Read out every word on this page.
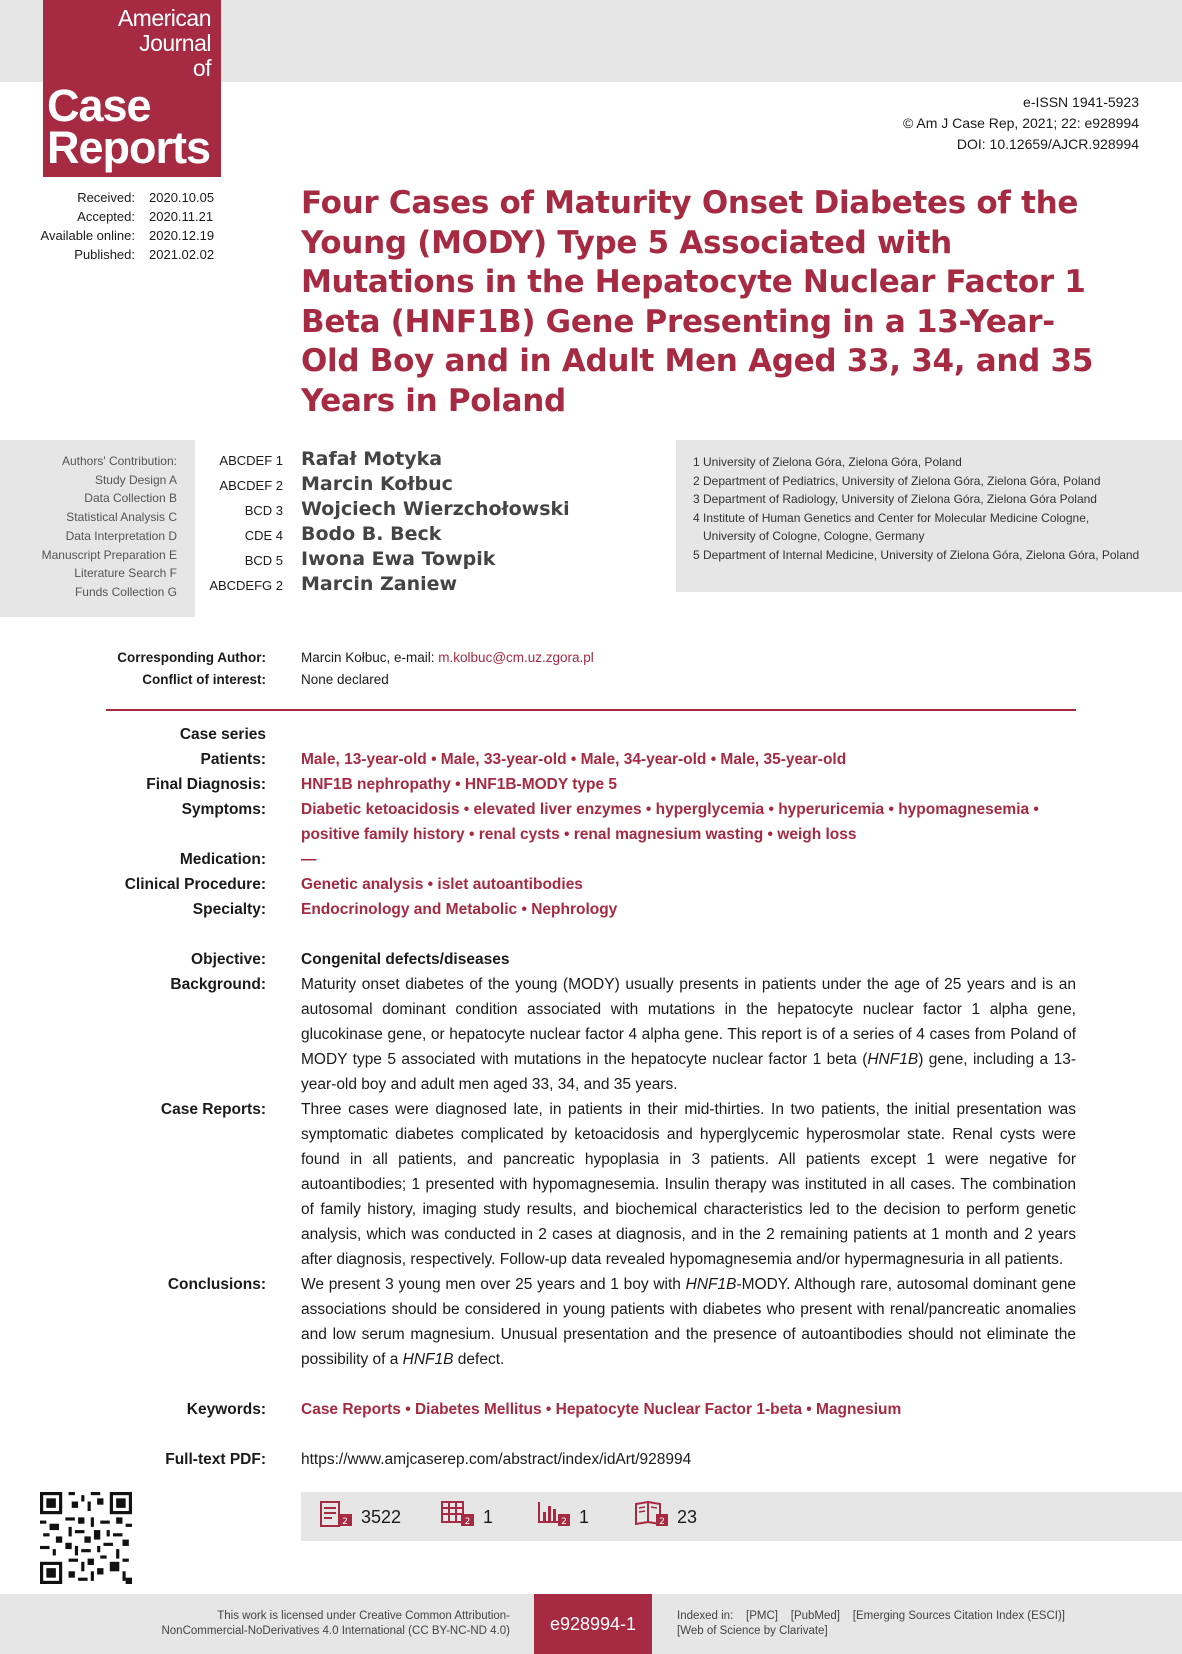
American
Journal
of
Case
Reports
e-ISSN 1941-5923
© Am J Case Rep, 2021; 22: e928994
DOI: 10.12659/AJCR.928994
Received: 2020.10.05
Accepted: 2020.11.21
Available online: 2020.12.19
Published: 2021.02.02
Four Cases of Maturity Onset Diabetes of the Young (MODY) Type 5 Associated with Mutations in the Hepatocyte Nuclear Factor 1 Beta (HNF1B) Gene Presenting in a 13-Year-Old Boy and in Adult Men Aged 33, 34, and 35 Years in Poland
Authors' Contribution:
Study Design A
Data Collection B
Statistical Analysis C
Data Interpretation D
Manuscript Preparation E
Literature Search F
Funds Collection G
ABCDEF 1 Rafał Motyka
ABCDEF 2 Marcin Kołbuc
BCD 3 Wojciech Wierzchołowski
CDE 4 Bodo B. Beck
BCD 5 Iwona Ewa Towpik
ABCDEFG 2 Marcin Zaniew
1 University of Zielona Góra, Zielona Góra, Poland
2 Department of Pediatrics, University of Zielona Góra, Zielona Góra, Poland
3 Department of Radiology, University of Zielona Góra, Zielona Góra Poland
4 Institute of Human Genetics and Center for Molecular Medicine Cologne,
University of Cologne, Cologne, Germany
5 Department of Internal Medicine, University of Zielona Góra, Zielona Góra, Poland
Corresponding Author:	Marcin Kołbuc, e-mail: m.kolbuc@cm.uz.zgora.pl
Conflict of interest:	None declared
Case series
Patients: Male, 13-year-old • Male, 33-year-old • Male, 34-year-old • Male, 35-year-old
Final Diagnosis: HNF1B nephropathy • HNF1B-MODY type 5
Symptoms: Diabetic ketoacidosis • elevated liver enzymes • hyperglycemia • hyperuricemia • hypomagnesemia • positive family history • renal cysts • renal magnesium wasting • weigh loss
Medication: —
Clinical Procedure: Genetic analysis • islet autoantibodies
Specialty: Endocrinology and Metabolic • Nephrology
Objective: Congenital defects/diseases
Background: Maturity onset diabetes of the young (MODY) usually presents in patients under the age of 25 years and is an autosomal dominant condition associated with mutations in the hepatocyte nuclear factor 1 alpha gene, glucokinase gene, or hepatocyte nuclear factor 4 alpha gene. This report is of a series of 4 cases from Poland of MODY type 5 associated with mutations in the hepatocyte nuclear factor 1 beta (HNF1B) gene, including a 13-year-old boy and adult men aged 33, 34, and 35 years.
Case Reports: Three cases were diagnosed late, in patients in their mid-thirties. In two patients, the initial presentation was symptomatic diabetes complicated by ketoacidosis and hyperglycemic hyperosmolar state. Renal cysts were found in all patients, and pancreatic hypoplasia in 3 patients. All patients except 1 were negative for autoantibodies; 1 presented with hypomagnesemia. Insulin therapy was instituted in all cases. The combination of family history, imaging study results, and biochemical characteristics led to the decision to perform genetic analysis, which was conducted in 2 cases at diagnosis, and in the 2 remaining patients at 1 month and 2 years after diagnosis, respectively. Follow-up data revealed hypomagnesemia and/or hypermagnesuria in all patients.
Conclusions: We present 3 young men over 25 years and 1 boy with HNF1B-MODY. Although rare, autosomal dominant gene associations should be considered in young patients with diabetes who present with renal/pancreatic anomalies and low serum magnesium. Unusual presentation and the presence of autoantibodies should not eliminate the possibility of a HNF1B defect.
Keywords: Case Reports • Diabetes Mellitus • Hepatocyte Nuclear Factor 1-beta • Magnesium
Full-text PDF: https://www.amjcaserep.com/abstract/index/idArt/928994
2 3522	2 1	2 1	2 23
This work is licensed under Creative Common Attribution-
NonCommercial-NoDerivatives 4.0 International (CC BY-NC-ND 4.0)	e928994-1	Indexed in:    [PMC]    [PubMed]    [Emerging Sources Citation Index (ESCI)]
[Web of Science by Clarivate]
